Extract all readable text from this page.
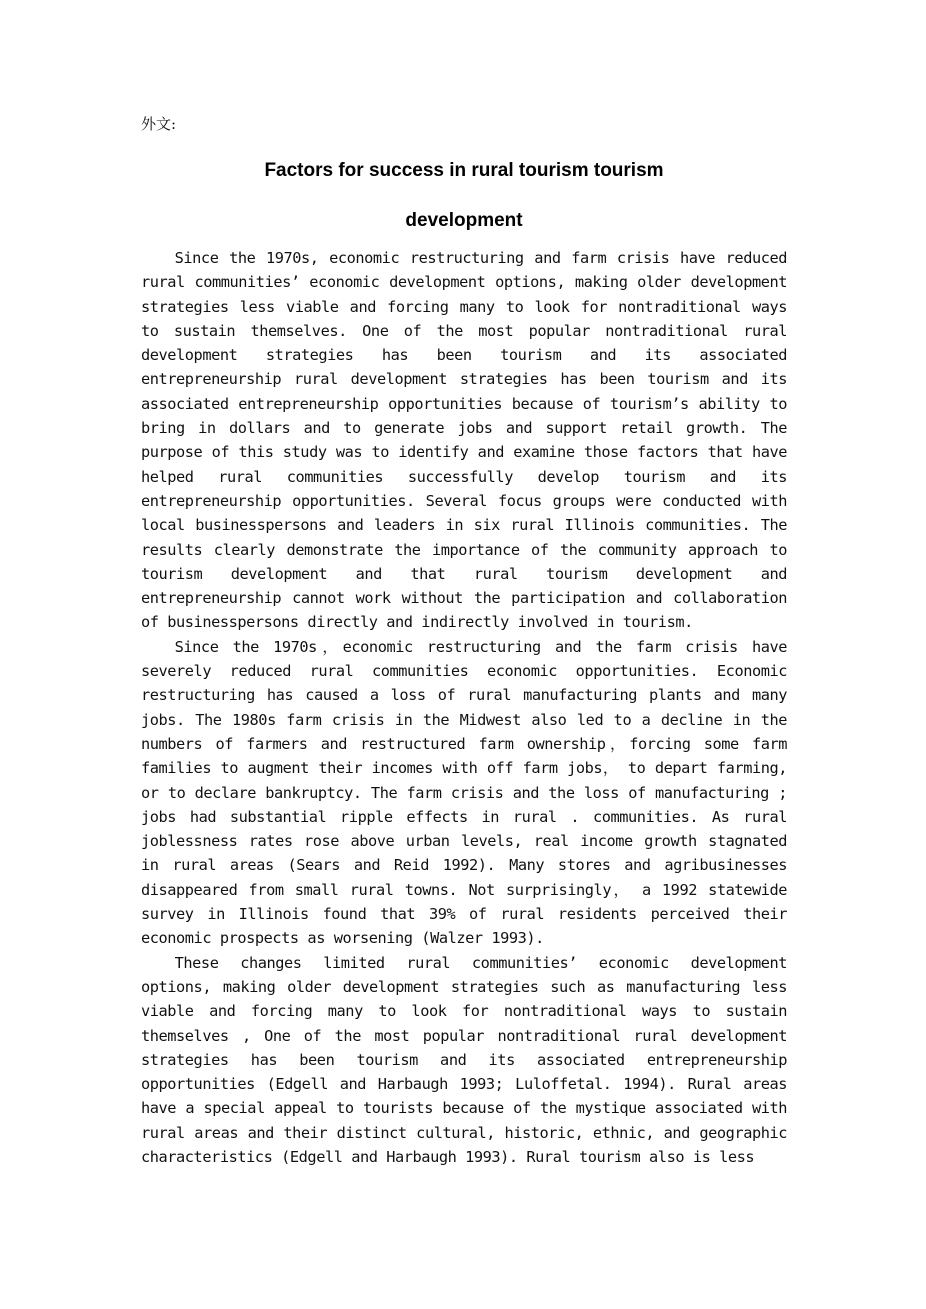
外文:
Factors for success in rural tourism tourism
development

Since the 1970s, economic restructuring and farm crisis have reduced rural communities’ economic development options, making older development strategies less viable and forcing many to look for nontraditional ways to sustain themselves. One of the most popular nontraditional rural development strategies has been tourism and its associated entrepreneurship rural development strategies has been tourism and its associated entrepreneurship opportunities because of tourism’s ability to bring in dollars and to generate jobs and support retail growth. The purpose of this study was to identify and examine those factors that have helped rural communities successfully develop tourism and its entrepreneurship opportunities. Several focus groups were conducted with local businesspersons and leaders in six rural Illinois communities. The results clearly demonstrate the importance of the community approach to tourism development and that rural tourism development and entrepreneurship cannot work without the participation and collaboration of businesspersons directly and indirectly involved in tourism.

Since the 1970s，economic restructuring and the farm crisis have severely reduced rural communities economic opportunities. Economic restructuring has caused a loss of rural manufacturing plants and many jobs. The 1980s farm crisis in the Midwest also led to a decline in the numbers of farmers and restructured farm ownership，forcing some farm families to augment their incomes with off farm jobs， to depart farming, or to declare bankruptcy. The farm crisis and the loss of manufacturing ; jobs had substantial ripple effects in rural . communities. As rural joblessness rates rose above urban levels, real income growth stagnated in rural areas (Sears and Reid 1992). Many stores and agribusinesses disappeared from small rural towns. Not surprisingly， a 1992 statewide survey in Illinois found that 39% of rural residents perceived their economic prospects as worsening (Walzer 1993).

These changes limited rural communities’ economic development options, making older development strategies such as manufacturing less viable and forcing many to look for nontraditional ways to sustain themselves , One of the most popular nontraditional rural development strategies has been tourism and its associated entrepreneurship opportunities (Edgell and Harbaugh 1993; Luloffetal. 1994). Rural areas have a special appeal to tourists because of the mystique associated with rural areas and their distinct cultural, historic, ethnic, and geographic characteristics (Edgell and Harbaugh 1993). Rural tourism also is less
